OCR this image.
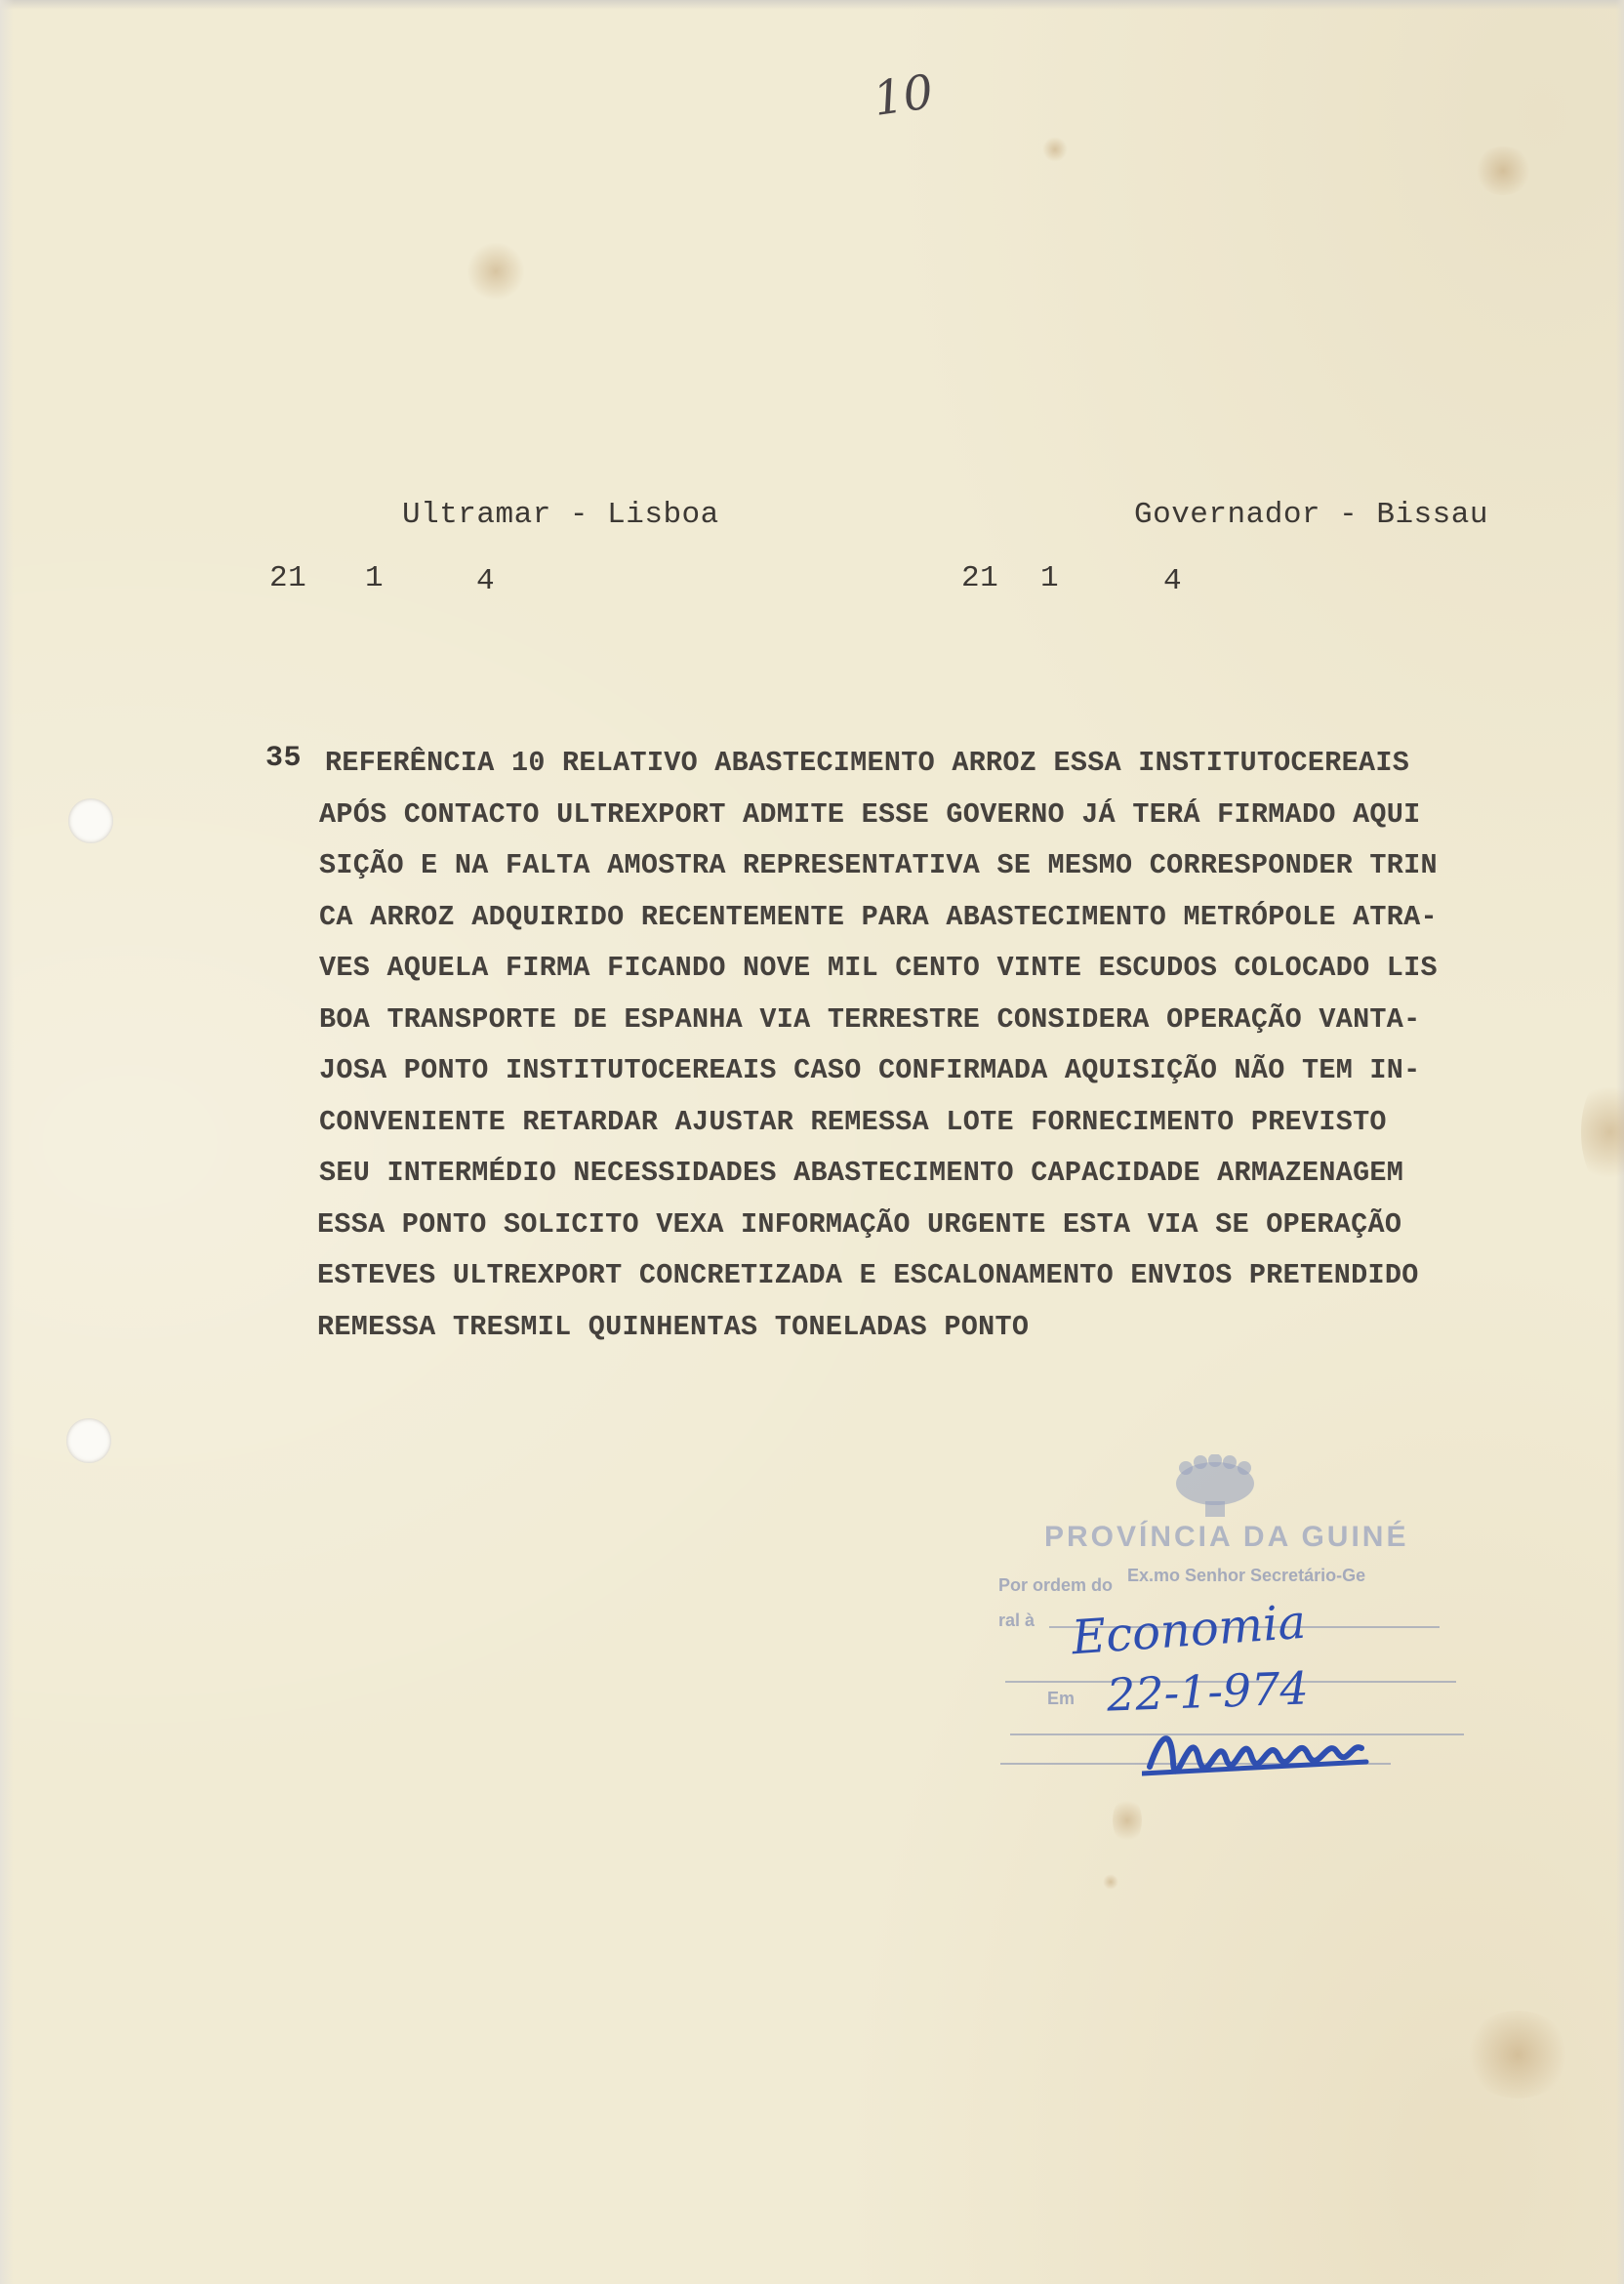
10
Ultramar - Lisboa	Governador - Bissau
21 1	4	21 1	4
35 REFERÊNCIA 10 RELATIVO ABASTECIMENTO ARROZ ESSA INSTITUTOCEREAIS
APÓS CONTACTO ULTREXPORT ADMITE ESSE GOVERNO JÁ TERÁ FIRMADO AQUI
SIÇÃO E NA FALTA AMOSTRA REPRESENTATIVA SE MESMO CORRESPONDER TRIN
CA ARROZ ADQUIRIDO RECENTEMENTE PARA ABASTECIMENTO METRÓPOLE ATRA-
VES AQUELA FIRMA FICANDO NOVE MIL CENTO VINTE ESCUDOS COLOCADO LIS
BOA TRANSPORTE DE ESPANHA VIA TERRESTRE CONSIDERA OPERAÇÃO VANTA-
JOSA PONTO INSTITUTOCEREAIS CASO CONFIRMADA AQUISIÇÃO NÃO TEM IN-
CONVENIENTE RETARDAR AJUSTAR REMESSA LOTE FORNECIMENTO PREVISTO
SEU INTERMÉDIO NECESSIDADES ABASTECIMENTO CAPACIDADE ARMAZENAGEM
ESSA PONTO SOLICITO VEXA INFORMAÇÃO URGENTE ESTA VIA SE OPERAÇÃO
ESTEVES ULTREXPORT CONCRETIZADA E ESCALONAMENTO ENVIOS PRETENDIDO
REMESSA TRESMIL QUINHENTAS TONELADAS PONTO
PROVÍNCIA DA GUINÉ
Por ordem do Ex.mo Senhor Secretário-Ge
ral à
Em
Economia
22-1-974
